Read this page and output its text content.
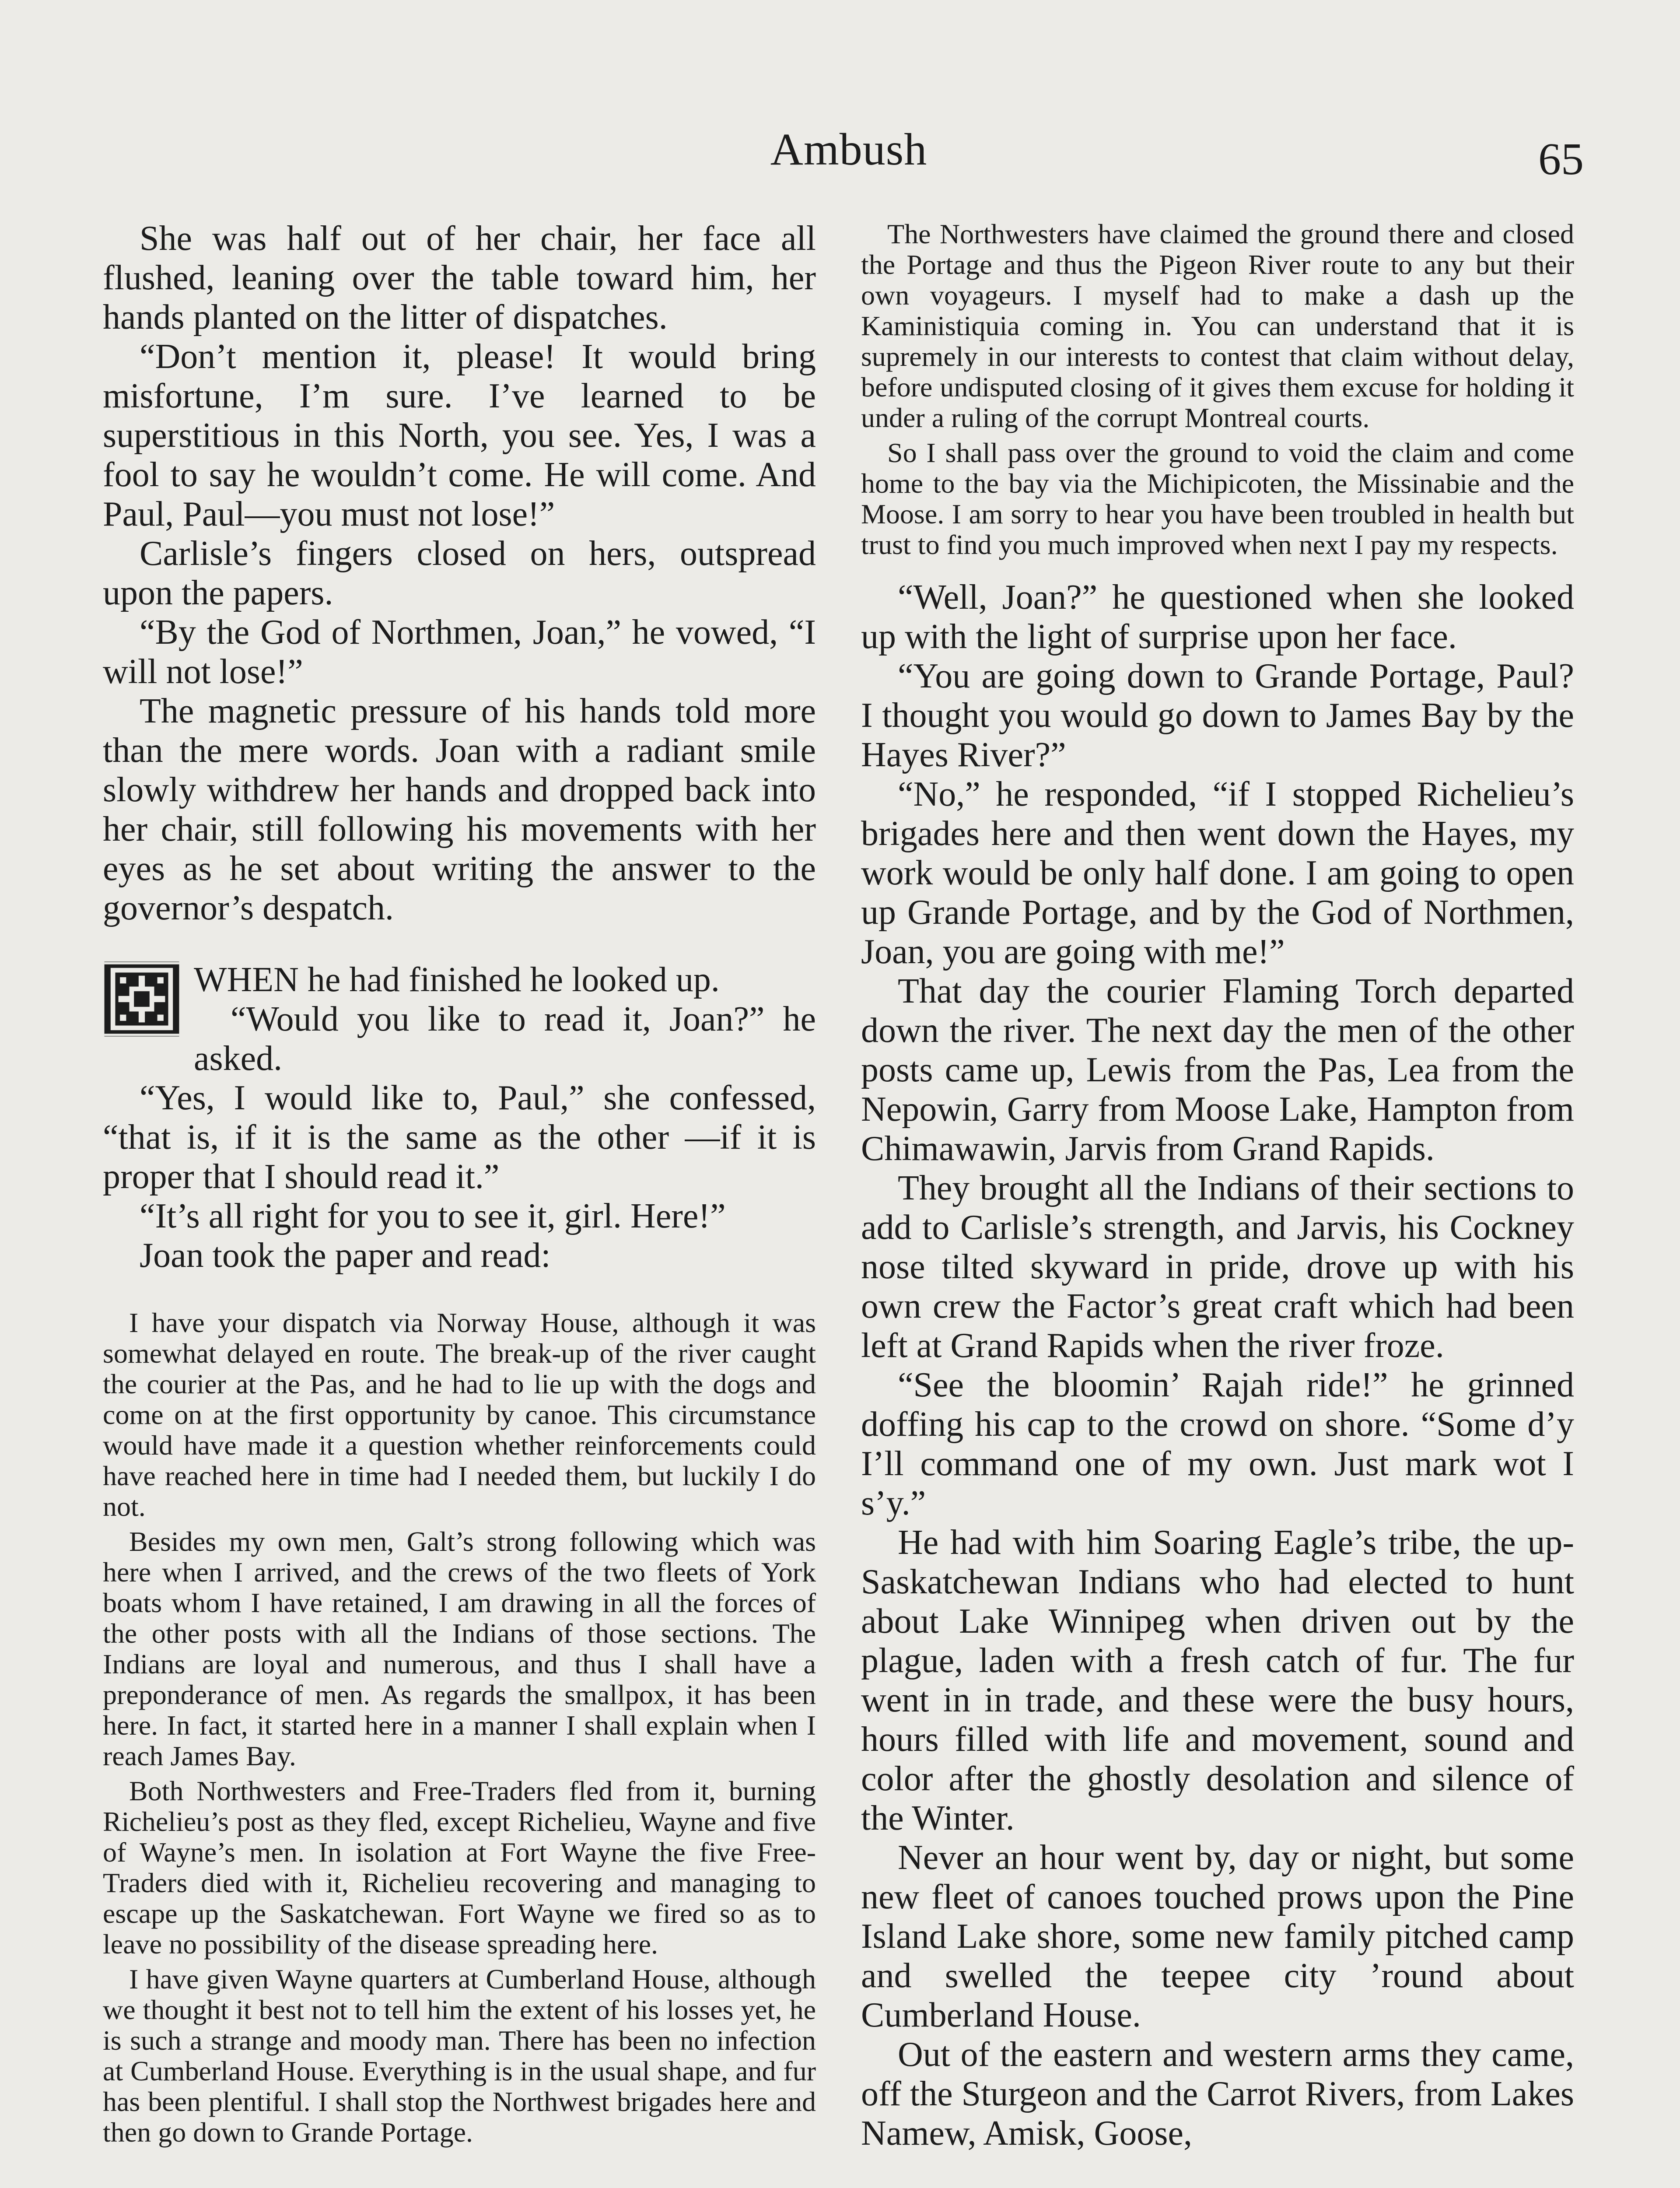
Ambush	65

She was half out of her chair, her face all flushed, leaning over the table toward him, her hands planted on the litter of dispatches.

“Don’t mention it, please! It would bring misfortune, I’m sure. I’ve learned to be superstitious in this North, you see. Yes, I was a fool to say he wouldn’t come. He will come. And Paul, Paul—you must not lose!”

Carlisle’s fingers closed on hers, outspread upon the papers.

“By the God of Northmen, Joan,” he vowed, “I will not lose!”

The magnetic pressure of his hands told more than the mere words. Joan with a radiant smile slowly withdrew her hands and dropped back into her chair, still following his movements with her eyes as he set about writing the answer to the governor’s despatch.

WHEN he had finished he looked up.

“Would you like to read it, Joan?” he asked.

“Yes, I would like to, Paul,” she confessed, “that is, if it is the same as the other —if it is proper that I should read it.”

“It’s all right for you to see it, girl. Here!”

Joan took the paper and read:

I have your dispatch via Norway House, although it was somewhat delayed en route. The break-up of the river caught the courier at the Pas, and he had to lie up with the dogs and come on at the first opportunity by canoe. This circumstance would have made it a question whether reinforcements could have reached here in time had I needed them, but luckily I do not.

Besides my own men, Galt’s strong following which was here when I arrived, and the crews of the two fleets of York boats whom I have retained, I am drawing in all the forces of the other posts with all the Indians of those sections. The Indians are loyal and numerous, and thus I shall have a preponderance of men. As regards the smallpox, it has been here. In fact, it started here in a manner I shall explain when I reach James Bay.

Both Northwesters and Free-Traders fled from it, burning Richelieu’s post as they fled, except Richelieu, Wayne and five of Wayne’s men. In isolation at Fort Wayne the five Free-Traders died with it, Richelieu recovering and managing to escape up the Saskatchewan. Fort Wayne we fired so as to leave no possibility of the disease spreading here.

I have given Wayne quarters at Cumberland House, although we thought it best not to tell him the extent of his losses yet, he is such a strange and moody man. There has been no infection at Cumberland House. Everything is in the usual shape, and fur has been plentiful. I shall stop the Northwest brigades here and then go down to Grande Portage.

The Northwesters have claimed the ground there and closed the Portage and thus the Pigeon River route to any but their own voyageurs. I myself had to make a dash up the Kaministiquia coming in. You can understand that it is supremely in our interests to contest that claim without delay, before undisputed closing of it gives them excuse for holding it under a ruling of the corrupt Montreal courts.

So I shall pass over the ground to void the claim and come home to the bay via the Michipicoten, the Missinabie and the Moose. I am sorry to hear you have been troubled in health but trust to find you much improved when next I pay my respects.

“Well, Joan?” he questioned when she looked up with the light of surprise upon her face.

“You are going down to Grande Portage, Paul? I thought you would go down to James Bay by the Hayes River?”

“No,” he responded, “if I stopped Richelieu’s brigades here and then went down the Hayes, my work would be only half done. I am going to open up Grande Portage, and by the God of Northmen, Joan, you are going with me!”

That day the courier Flaming Torch departed down the river. The next day the men of the other posts came up, Lewis from the Pas, Lea from the Nepowin, Garry from Moose Lake, Hampton from Chimawawin, Jarvis from Grand Rapids.

They brought all the Indians of their sections to add to Carlisle’s strength, and Jarvis, his Cockney nose tilted skyward in pride, drove up with his own crew the Factor’s great craft which had been left at Grand Rapids when the river froze.

“See the bloomin’ Rajah ride!” he grinned doffing his cap to the crowd on shore. “Some d’y I’ll command one of my own. Just mark wot I s’y.”

He had with him Soaring Eagle’s tribe, the up-Saskatchewan Indians who had elected to hunt about Lake Winnipeg when driven out by the plague, laden with a fresh catch of fur. The fur went in in trade, and these were the busy hours, hours filled with life and movement, sound and color after the ghostly desolation and silence of the Winter.

Never an hour went by, day or night, but some new fleet of canoes touched prows upon the Pine Island Lake shore, some new family pitched camp and swelled the teepee city ’round about Cumberland House.

Out of the eastern and western arms they came, off the Sturgeon and the Carrot Rivers, from Lakes Namew, Amisk, Goose,
